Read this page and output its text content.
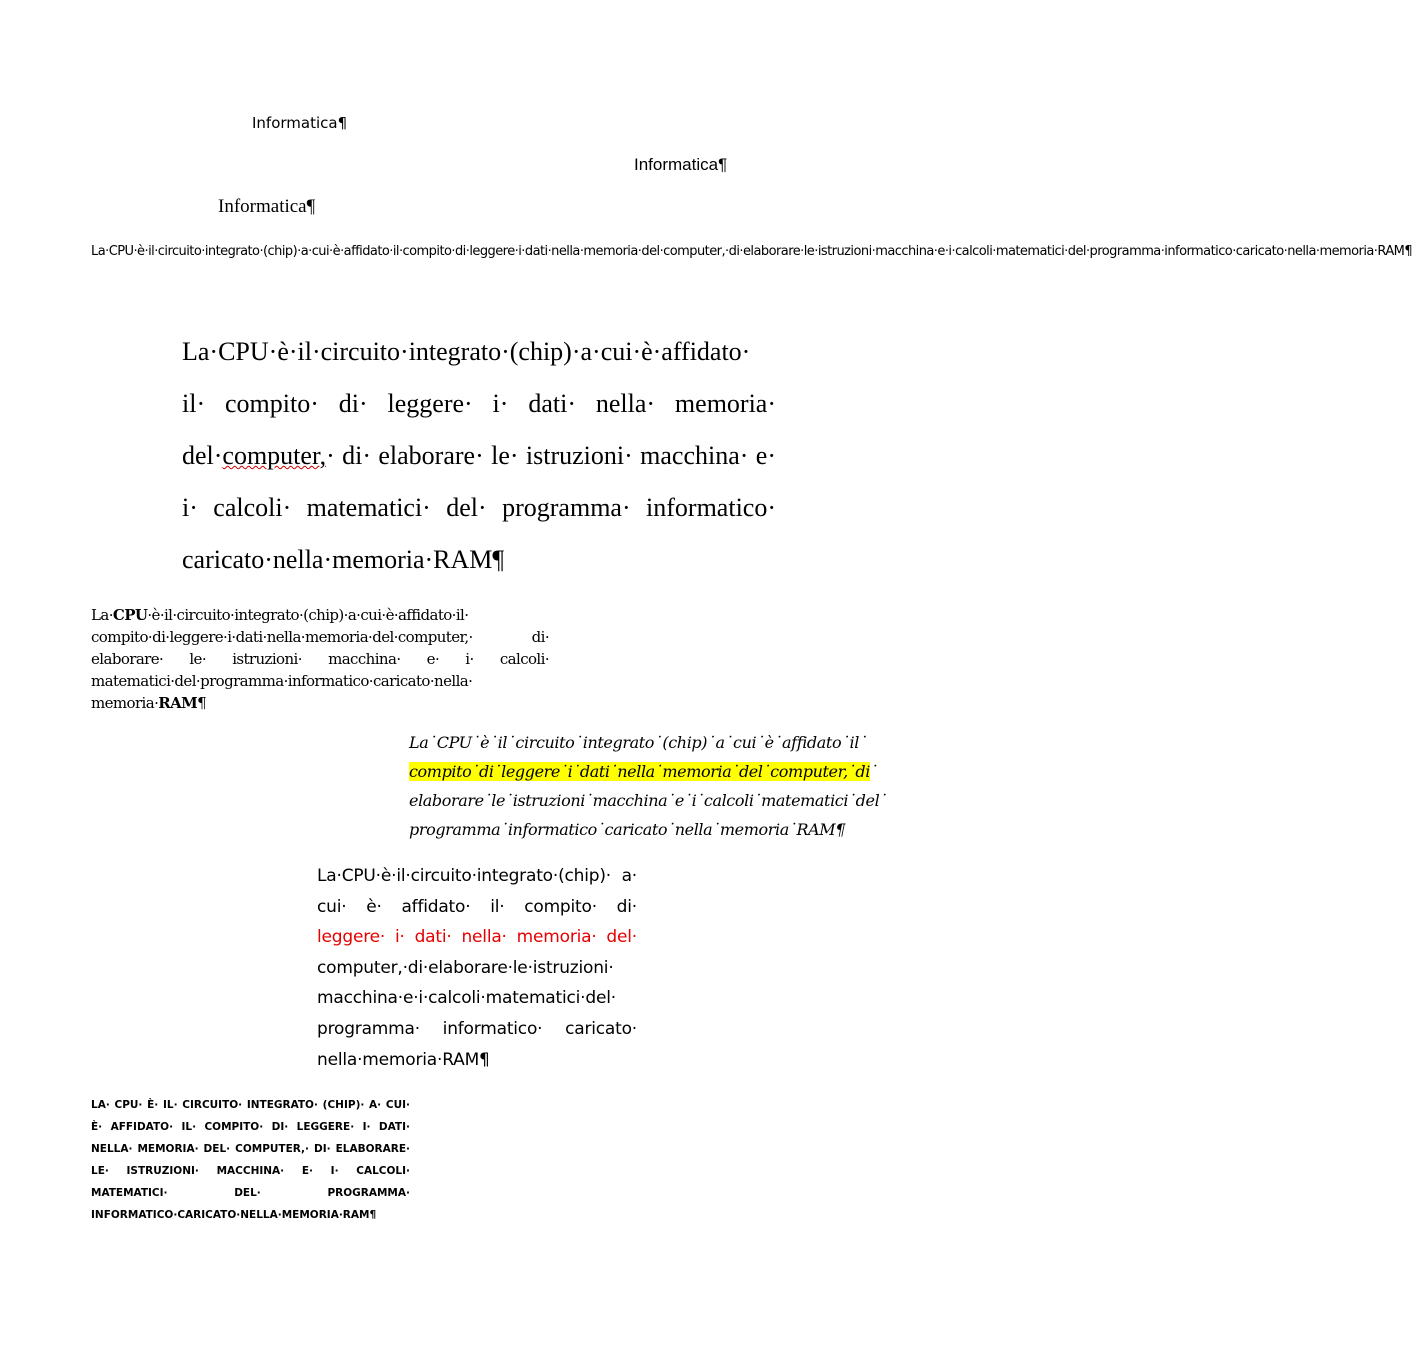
Informatica¶
Informatica¶
Informatica¶

La·CPU·è·il·circuito·integrato·(chip)·a·cui·è·affidato·il·compito·di·leggere·i·dati·nella·memoria·del·computer,·di·elaborare·le·istruzioni·macchina·e·i·calcoli·matematici·del·programma·informatico·caricato·nella·memoria·RAM¶

La·CPU·è·il·circuito·integrato·(chip)·a·cui·è·affidato· il· compito· di· leggere· i· dati· nella· memoria· del·computer,· di· elaborare· le· istruzioni· macchina· e· i· calcoli· matematici· del· programma· informatico· caricato·nella·memoria·RAM¶

La·CPU·è·il·circuito·integrato·(chip)·a·cui·è·affidato·il· compito·di·leggere·i·dati·nella·memoria·del·computer,· di· elaborare· le· istruzioni· macchina· e· i· calcoli· matematici·del·programma·informatico·caricato·nella· memoria·RAM¶

La˙CPU˙è˙il˙circuito˙integrato˙(chip)˙a˙cui˙è˙affidato˙il˙ compito˙di˙leggere˙i˙dati˙nella˙memoria˙del˙computer,˙di˙ elaborare˙le˙istruzioni˙macchina˙e˙i˙calcoli˙matematici˙del˙ programma˙informatico˙caricato˙nella˙memoria˙RAM¶

La·CPU·è·il·circuito·integrato·(chip)· a· cui· è· affidato· il· compito· di· leggere· i· dati· nella· memoria· del· computer,·di·elaborare·le·istruzioni· macchina·e·i·calcoli·matematici·del· programma· informatico· caricato· nella·memoria·RAM¶

LA· CPU· È· IL· CIRCUITO· INTEGRATO· (CHIP)· A· CUI· È· AFFIDATO· IL· COMPITO· DI· LEGGERE· I· DATI· NELLA· MEMORIA· DEL· COMPUTER,· DI· ELABORARE· LE· ISTRUZIONI· MACCHINA· E· I· CALCOLI· MATEMATICI· DEL· PROGRAMMA· INFORMATICO·CARICATO·NELLA·MEMORIA·RAM¶
